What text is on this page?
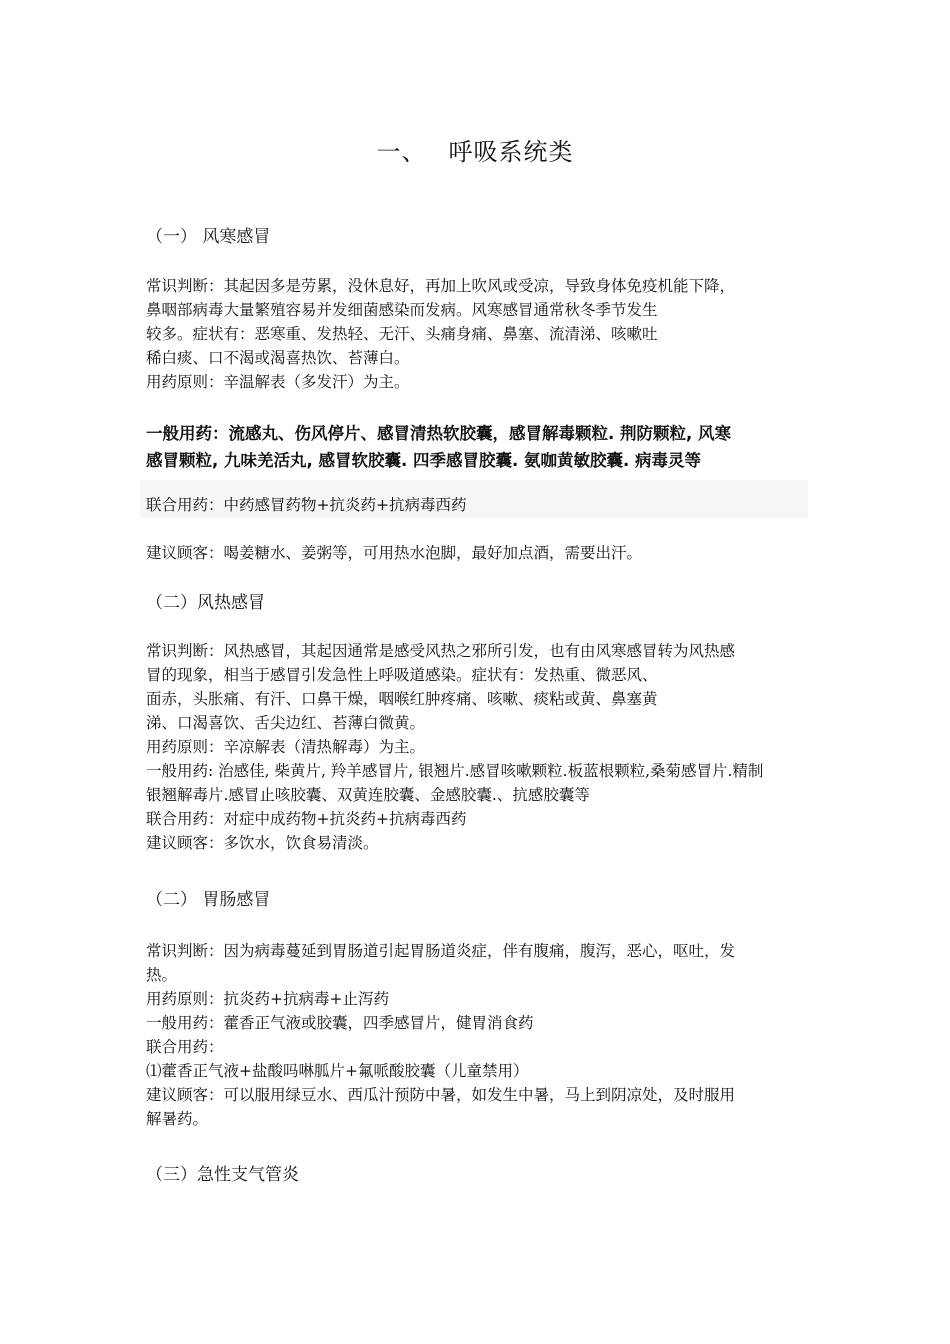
一、 呼吸系统类
（一） 风寒感冒
常识判断：其起因多是劳累，没休息好，再加上吹风或受凉，导致身体免疫机能下降，
鼻咽部病毒大量繁殖容易并发细菌感染而发病。风寒感冒通常秋冬季节发生
较多。症状有：恶寒重、发热轻、无汗、头痛身痛、鼻塞、流清涕、咳嗽吐
稀白痰、口不渴或渴喜热饮、苔薄白。
用药原则：辛温解表（多发汗）为主。
一般用药：流感丸、伤风停片、感冒清热软胶囊，感冒解毒颗粒. 荆防颗粒, 风寒
感冒颗粒, 九味羌活丸, 感冒软胶囊. 四季感冒胶囊. 氨咖黄敏胶囊. 病毒灵等
联合用药：中药感冒药物+抗炎药+抗病毒西药
建议顾客：喝姜糖水、姜粥等，可用热水泡脚，最好加点酒，需要出汗。
（二）风热感冒
常识判断：风热感冒，其起因通常是感受风热之邪所引发，也有由风寒感冒转为风热感
冒的现象，相当于感冒引发急性上呼吸道感染。症状有：发热重、微恶风、
面赤，头胀痛、有汗、口鼻干燥，咽喉红肿疼痛、咳嗽、痰粘或黄、鼻塞黄
涕、口渴喜饮、舌尖边红、苔薄白微黄。
用药原则：辛凉解表（清热解毒）为主。
一般用药: 治感佳, 柴黄片, 羚羊感冒片, 银翘片.感冒咳嗽颗粒.板蓝根颗粒,桑菊感冒片.精制
银翘解毒片.感冒止咳胶囊、双黄连胶囊、金感胶囊.、抗感胶囊等
联合用药：对症中成药物+抗炎药+抗病毒西药
建议顾客：多饮水，饮食易清淡。
（二） 胃肠感冒
常识判断：因为病毒蔓延到胃肠道引起胃肠道炎症，伴有腹痛，腹泻，恶心，呕吐，发
热。
用药原则：抗炎药+抗病毒+止泻药
一般用药：藿香正气液或胶囊，四季感冒片，健胃消食药
联合用药：
⑴藿香正气液+盐酸吗啉胍片+氟哌酸胶囊（儿童禁用）
建议顾客：可以服用绿豆水、西瓜汁预防中暑，如发生中暑，马上到阴凉处，及时服用
解暑药。
（三）急性支气管炎
